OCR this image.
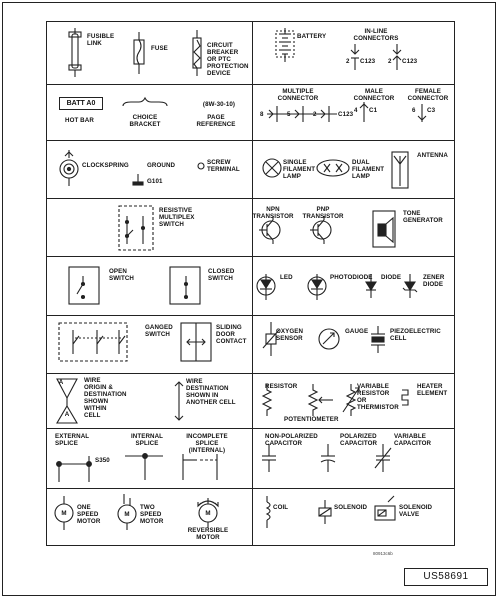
FUSIBLE
LINK
FUSE	CIRCUIT
BREAKER
OR PTC
PROTECTION
DEVICE
BATTERY
IN-LINE
CONNECTORS
2 C123 2 C123
BATT A0
HOT BAR	CHOICE
BRACKET
(8W-30-10)
PAGE
REFERENCE
MULTIPLE
CONNECTOR
8	5	2	C123
MALE
CONNECTOR
4 C1
FEMALE
CONNECTOR
6 C3
CLOCKSPRING	GROUND
G101
SCREW
TERMINAL
SINGLE
FILAMENT
LAMP
DUAL
FILAMENT
LAMP
ANTENNA
RESISTIVE
MULTIPLEX
SWITCH
NPN
TRANSISTOR
PNP
TRANSISTOR	TONE
GENERATOR
OPEN
SWITCH
CLOSED
SWITCH	LED	PHOTODIODE DIODE	ZENER
DIODE
GANGED
SWITCH
SLIDING
DOOR
CONTACT
OXYGEN
SENSOR
GAUGE	PIEZOELECTRIC
CELL
A
A
WIRE
ORIGIN &
DESTINATION
SHOWN
WITHIN
CELL
WIRE
DESTINATION
SHOWN IN
ANOTHER CELL
RESISTOR
POTENTIOMETER
VARIABLE
RESISTOR
OR
THERMISTOR
HEATER
ELEMENT
EXTERNAL
SPLICE
S350
INTERNAL
SPLICE
INCOMPLETE
SPLICE
(INTERNAL)
NON-POLARIZED
CAPACITOR
POLARIZED
CAPACITOR
VARIABLE
CAPACITOR
M	M	M
ONE
SPEED
MOTOR
TWO
SPEED
MOTOR
REVERSIBLE
MOTOR
COIL	SOLENOID	SOLENOID
VALVE
80913c6b
US58691
